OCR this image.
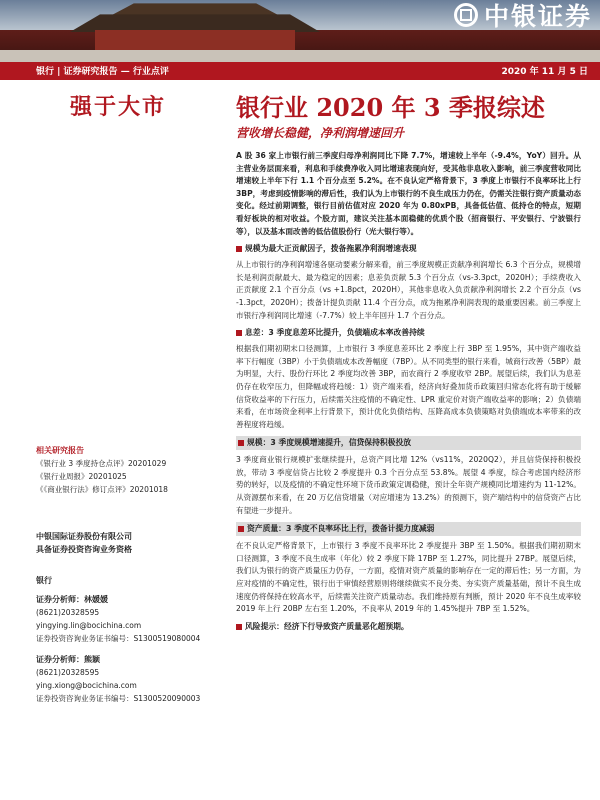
中银证券
银行 | 证券研究报告 — 行业点评	2020 年 11 月 5 日
强于大市
相关研究报告
《银行业 3 季度持仓点评》20201029
《银行业周报》20201025
《《商业银行法》修订点评》20201018
中银国际证券股份有限公司
具备证券投资咨询业务资格
银行
证券分析师：林媛媛
(8621)20328595
yingying.lin@bocichina.com
证券投资咨询业务证书编号：S1300519080004
证券分析师：熊颖
(8621)20328595
ying.xiong@bocichina.com
证券投资咨询业务证书编号：S1300520090003
银行业 2020 年 3 季报综述
营收增长稳健，净利润增速回升

A 股 36 家上市银行前三季度归母净利润同比下降 7.7%，增速较上半年（-9.4%，YoY）回升。从主营业务层面来看，利息和手续费净收入同比增速表现向好，受其他非息收入影响，前三季度营收同比增速较上半年下行 1.1 个百分点至 5.2%。在不良认定严格背景下，3 季度上市银行不良率环比上行 3BP，考虑到疫情影响的滞后性，我们认为上市银行的不良生成压力仍在，仍需关注银行资产质量动态变化。经过前期调整，银行目前估值对应 2020 年为 0.80xPB，具备低估值、低持仓的特点，短期看好板块的相对收益。个股方面，建议关注基本面稳健的优质个股（招商银行、平安银行、宁波银行等），以及基本面改善的低估值股份行（光大银行等）。

规模为最大正贡献因子，拨备拖累净利润增速表现

从上市银行的净利润增速各驱动要素分解来看，前三季度规模正贡献净利润增长 6.3 个百分点，规模增长是利润贡献最大、最为稳定的因素；息差负贡献 5.3 个百分点（vs-3.3pct，2020H）；手续费收入正贡献度 2.1 个百分点（vs +1.8pct，2020H），其他非息收入负贡献净利润增长 2.2 个百分点（vs -1.3pct，2020H）；拨备计提负贡献 11.4 个百分点，成为拖累净利润表现的最重要因素。前三季度上市银行净利润同比增速（-7.7%）较上半年回升 1.7 个百分点。

息差：3 季度息差环比提升，负债端成本率改善持续

根据我们期初期末口径测算，上市银行 3 季度息差环比 2 季度上行 3BP 至 1.95%，其中资产端收益率下行幅度（3BP）小于负债端成本改善幅度（7BP）。从不同类型的银行来看，城商行改善（5BP）最为明显，大行、股份行环比 2 季度均改善 3BP，而农商行 2 季度收窄 2BP。展望后续，我们认为息差仍存在收窄压力，但降幅或将趋缓：1）资产端来看，经济向好叠加货币政策回归常态化将有助于缓解信贷收益率的下行压力，后续需关注疫情的不确定性、LPR 重定价对资产端收益率的影响；2）负债端来看，在市场资金利率上行背景下，预计优化负债结构、压降高成本负债策略对负债端成本率带来的改善程度将趋缓。

规模：3 季度规模增速提升，信贷保持积极投放

3 季度商业银行规模扩张继续提升，总资产同比增 12%（vs11%，2020Q2），并且信贷保持积极投放，带动 3 季度信贷占比较 2 季度提升 0.3 个百分点至 53.8%。展望 4 季度，综合考虑国内经济形势的转好，以及疫情的不确定性环境下货币政策定调稳健，预计全年资产规模同比增速约为 11-12%。从资源摆布来看，在 20 万亿信贷增量（对应增速为 13.2%）的预测下，资产端结构中的信贷资产占比有望进一步提升。

资产质量：3 季度不良率环比上行，拨备计提力度减弱

在不良认定严格背景下，上市银行 3 季度不良率环比 2 季度提升 3BP 至 1.50%。根据我们期初期末口径测算，3 季度不良生成率（年化）较 2 季度下降 17BP 至 1.27%，同比提升 27BP。展望后续，我们认为银行的资产质量压力仍存，一方面，疫情对资产质量的影响存在一定的滞后性；另一方面，为应对疫情的不确定性，银行出于审慎经营原则将继续做实不良分类、夯实资产质量基础，预计不良生成速度仍将保持在较高水平，后续需关注资产质量动态。我们维持原有判断，预计 2020 年不良生成率较 2019 年上行 20BP 左右至 1.20%，不良率从 2019 年的 1.45%提升 7BP 至 1.52%。

风险提示：经济下行导致资产质量恶化超预期。
